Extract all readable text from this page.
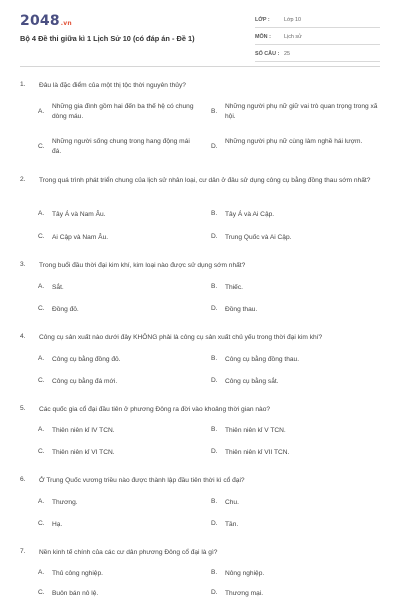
2048.vn
Bộ 4 Đề thi giữa kì 1 Lịch Sử 10 (có đáp án - Đề 1)
LỚP :	Lớp 10
MÔN : Lịch sử
SỐ CÂU : 25
1. Đâu là đặc điểm của một thị tộc thời nguyên thủy?
A.
Những gia đình gồm hai đến ba thế hệ có chung dòng máu.
B.
Những người phụ nữ giữ vai trò quan trọng trong xã hội.
C.
Những người sống chung trong hang động mái đá.
D.
Những người phụ nữ cùng làm nghề hái lượm.
2. Trong quá trình phát triển chung của lịch sử nhân loại, cư dân ở đâu sử dụng công cụ bằng đồng thau sớm nhất?
A. Tây Á và Nam Âu.	B. Tây Á và Ai Cập.
C. Ai Cập và Nam Âu.	D. Trung Quốc và Ai Cập.
3. Trong buổi đầu thời đại kim khí, kim loại nào được sử dụng sớm nhất?
A. Sắt.	B. Thiếc.
C. Đồng đỏ.	D. Đồng thau.
4. Công cụ sản xuất nào dưới đây KHÔNG phải là công cụ sản xuất chủ yếu trong thời đại kim khí?
A. Công cụ bằng đồng đỏ.	B. Công cụ bằng đồng thau.
C. Công cụ bằng đá mới.	D. Công cụ bằng sắt.
5. Các quốc gia cổ đại đầu tiên ở phương Đông ra đời vào khoảng thời gian nào?
A. Thiên niên kỉ IV TCN.	B. Thiên niên kỉ V TCN.
C. Thiên niên kỉ VI TCN.	D. Thiên niên kỉ VII TCN.
6. Ở Trung Quốc vương triều nào được thành lập đầu tiên thời kì cổ đại?
A. Thương.	B. Chu.
C. Hạ.	D. Tần.
7. Nền kinh tế chính của các cư dân phương Đông cổ đại là gì?
A. Thủ công nghiệp.	B. Nông nghiệp.
C. Buôn bán nô lệ.	D. Thương mại.
